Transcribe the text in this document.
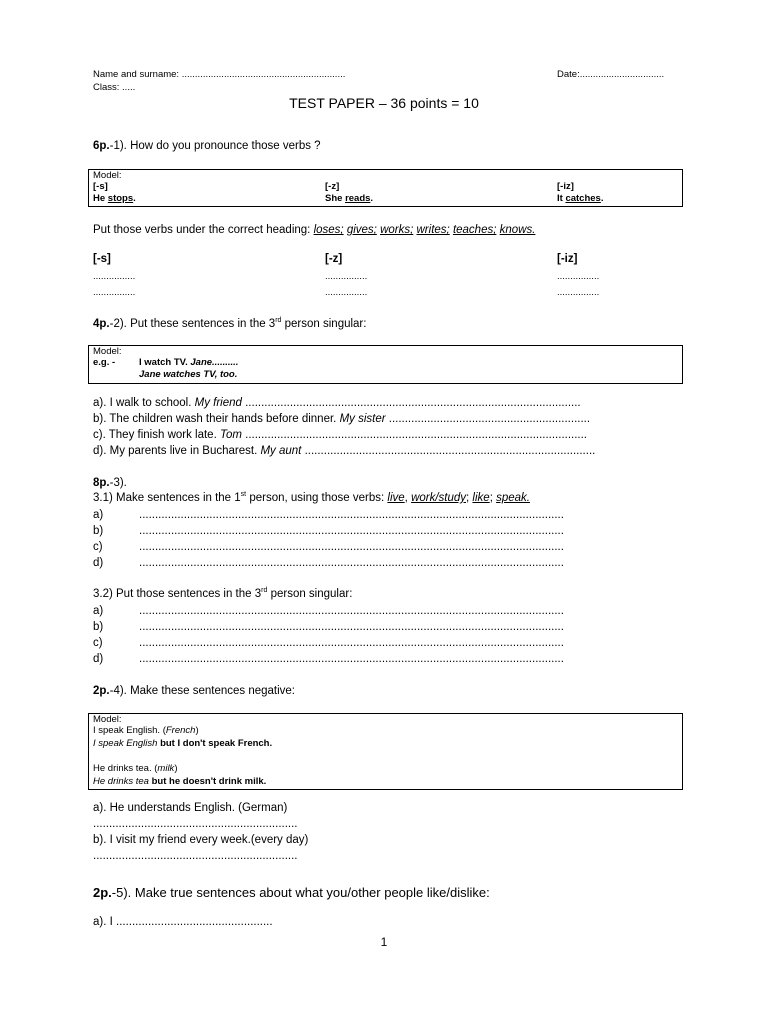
Name and surname: ..............................................................	Date:................................
Class: .....
TEST PAPER – 36 points = 10
6p.-1). How do you pronounce those verbs ?
Model:
[-s]	[-z]	[-iz]
He stops.	She reads.	It catches.
Put those verbs under the correct heading: loses; gives; works; writes; teaches; knows.
[-s]	[-z]	[-iz]
................	................	................
................	................	................
4p.-2). Put these sentences in the 3rd person singular:
Model:
e.g. -	I watch TV. Jane..........
Jane watches TV, too.
a). I walk to school. My friend .........................................................................................................
b). The children wash their hands before dinner. My sister ...............................................................
c). They finish work late. Tom ...........................................................................................................
d). My parents live in Bucharest. My aunt ...........................................................................................
8p.-3).
3.1) Make sentences in the 1st person, using those verbs: live, work/study; like; speak.
a)	.....................................................................................................................................
b)	.....................................................................................................................................
c)	.....................................................................................................................................
d)	.....................................................................................................................................
3.2) Put those sentences in the 3rd person singular:
a)	.....................................................................................................................................
b)	.....................................................................................................................................
c)	.....................................................................................................................................
d)	.....................................................................................................................................
2p.-4). Make these sentences negative:
Model:
I speak English. (French)
I speak English but I don't speak French.
He drinks tea. (milk)
He drinks tea but he doesn't drink milk.
a). He understands English. (German)
................................................................
b). I visit my friend every week.(every day)
................................................................
2p.-5). Make true sentences about what you/other people like/dislike:
a). I .................................................
1
